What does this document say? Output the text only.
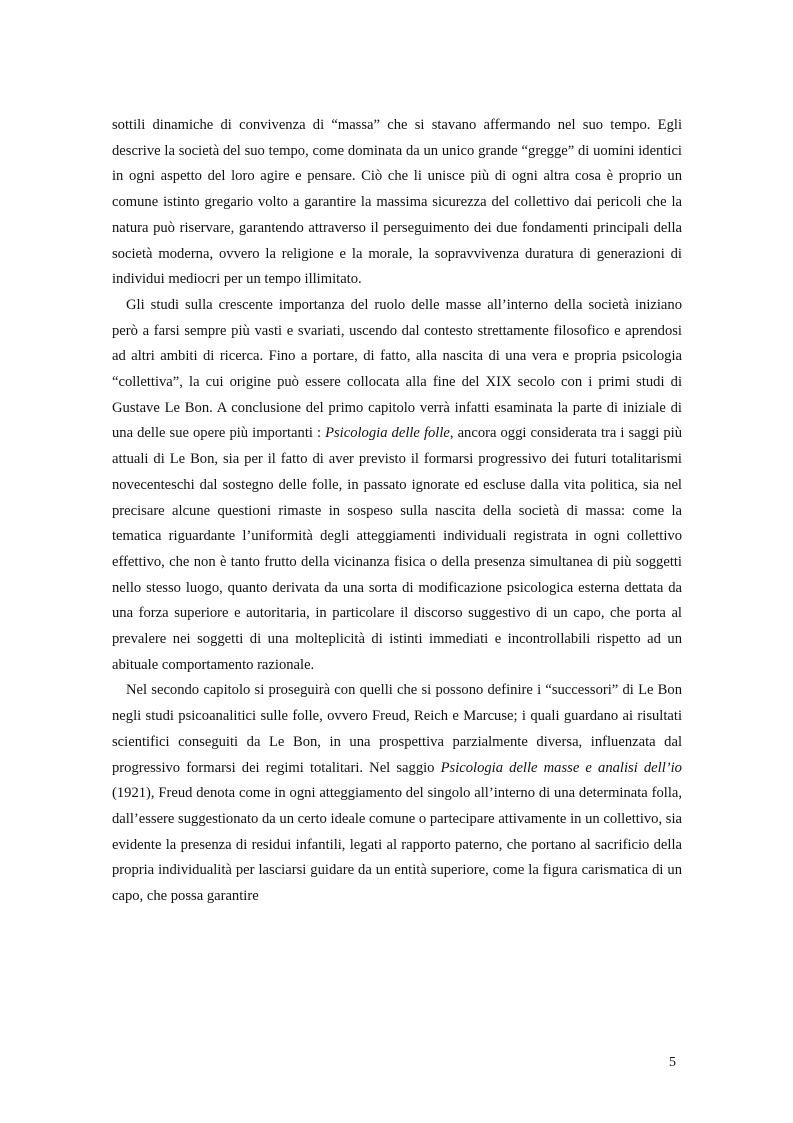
sottili dinamiche di convivenza di “massa” che si stavano affermando nel suo tempo. Egli descrive la società del suo tempo, come dominata da un unico grande “gregge” di uomini identici in ogni aspetto del loro agire e pensare. Ciò che li unisce più di ogni altra cosa è proprio un comune istinto gregario volto a garantire la massima sicurezza del collettivo dai pericoli che la natura può riservare, garantendo attraverso il perseguimento dei due fondamenti principali della società moderna, ovvero la religione e la morale, la sopravvivenza duratura di generazioni di individui mediocri per un tempo illimitato.

Gli studi sulla crescente importanza del ruolo delle masse all’interno della società iniziano però a farsi sempre più vasti e svariati, uscendo dal contesto strettamente filosofico e aprendosi ad altri ambiti di ricerca. Fino a portare, di fatto, alla nascita di una vera e propria psicologia “collettiva”, la cui origine può essere collocata alla fine del XIX secolo con i primi studi di Gustave Le Bon. A conclusione del primo capitolo verrà infatti esaminata la parte di iniziale di una delle sue opere più importanti : Psicologia delle folle, ancora oggi considerata tra i saggi più attuali di Le Bon, sia per il fatto di aver previsto il formarsi progressivo dei futuri totalitarismi novecenteschi dal sostegno delle folle, in passato ignorate ed escluse dalla vita politica, sia nel precisare alcune questioni rimaste in sospeso sulla nascita della società di massa: come la tematica riguardante l’uniformità degli atteggiamenti individuali registrata in ogni collettivo effettivo, che non è tanto frutto della vicinanza fisica o della presenza simultanea di più soggetti nello stesso luogo, quanto derivata da una sorta di modificazione psicologica esterna dettata da una forza superiore e autoritaria, in particolare il discorso suggestivo di un capo, che porta al prevalere nei soggetti di una molteplicità di istinti immediati e incontrollabili rispetto ad un abituale comportamento razionale.

Nel secondo capitolo si proseguirà con quelli che si possono definire i “successori” di Le Bon negli studi psicoanalitici sulle folle, ovvero Freud, Reich e Marcuse; i quali guardano ai risultati scientifici conseguiti da Le Bon, in una prospettiva parzialmente diversa, influenzata dal progressivo formarsi dei regimi totalitari. Nel saggio Psicologia delle masse e analisi dell’io (1921), Freud denota come in ogni atteggiamento del singolo all’interno di una determinata folla, dall’essere suggestionato da un certo ideale comune o partecipare attivamente in un collettivo, sia evidente la presenza di residui infantili, legati al rapporto paterno, che portano al sacrificio della propria individualità per lasciarsi guidare da un entità superiore, come la figura carismatica di un capo, che possa garantire

5
